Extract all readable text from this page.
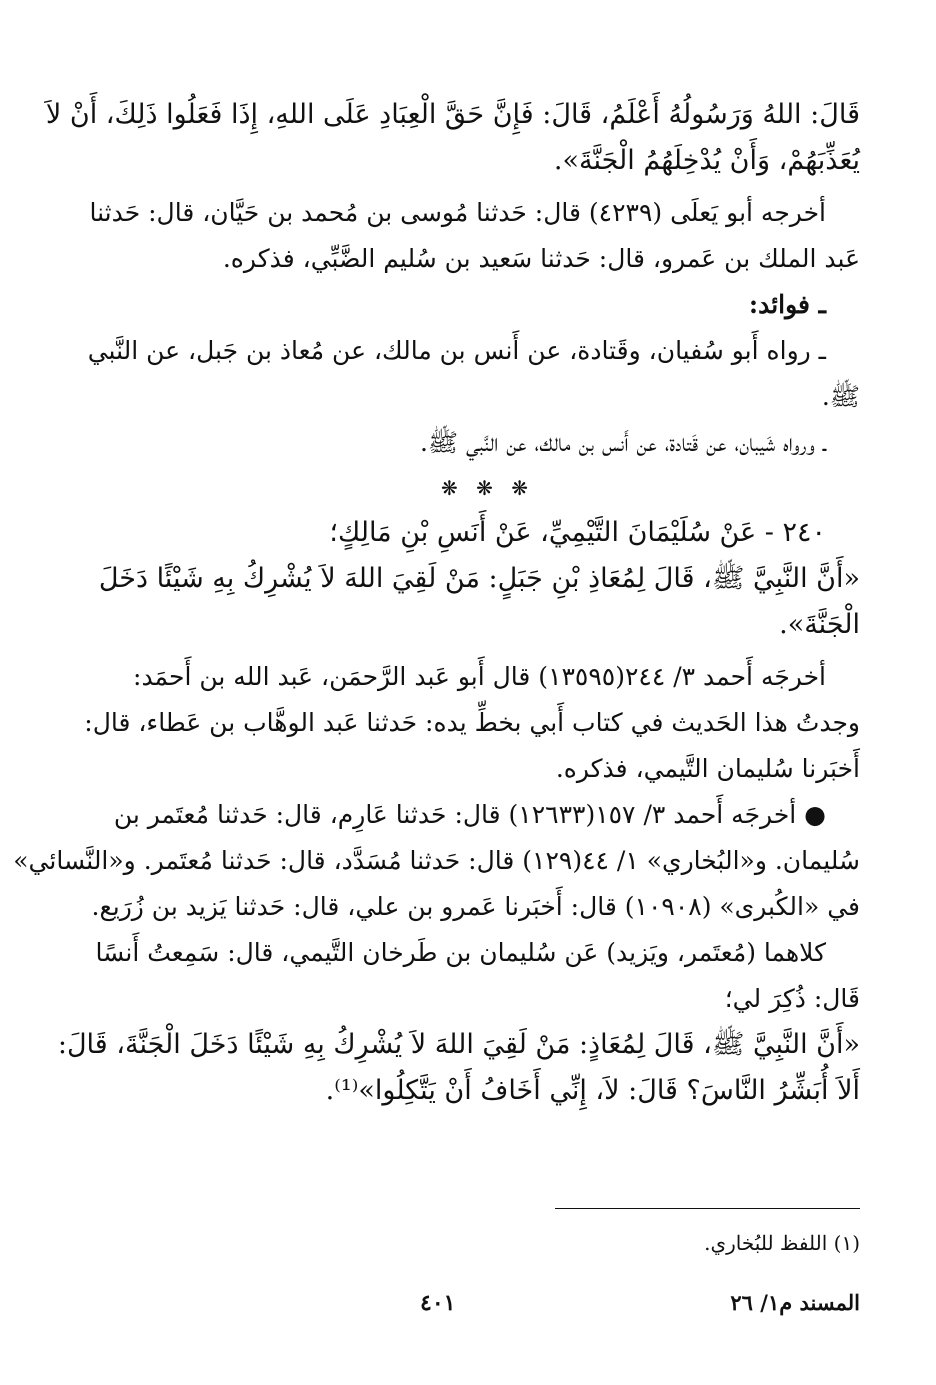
قَالَ: اللهُ وَرَسُولُهُ أَعْلَمُ، قَالَ: فَإِنَّ حَقَّ الْعِبَادِ عَلَى اللهِ، إِذَا فَعَلُوا ذَلِكَ، أَنْ لاَ
يُعَذِّبَهُمْ، وَأَنْ يُدْخِلَهُمُ الْجَنَّةَ».
أخرجه أبو يَعلَى (٤٢٣٩) قال: حَدثنا مُوسى بن مُحمد بن حَيَّان، قال: حَدثنا
عَبد الملك بن عَمرو، قال: حَدثنا سَعيد بن سُليم الضَّبِّي، فذكره.
ـ فوائد:
ـ رواه أَبو سُفيان، وقَتادة، عن أَنس بن مالك، عن مُعاذ بن جَبل، عن النَّبي
ﷺ.
ـ ورواه شَيبان، عن قَتادة، عن أَنس بن مالك، عن النَّبي ﷺ.
❋ ❋ ❋
٢٤٠ - عَنْ سُلَيْمَانَ التَّيْمِيِّ، عَنْ أَنَسِ بْنِ مَالِكٍ؛
«أَنَّ النَّبِيَّ ﷺ، قَالَ لِمُعَاذِ بْنِ جَبَلٍ: مَنْ لَقِيَ اللهَ لاَ يُشْرِكُ بِهِ شَيْئًا دَخَلَ
الْجَنَّةَ».
أخرجَه أَحمد ٣/ ٢٤٤(١٣٥٩٥) قال أَبو عَبد الرَّحمَن، عَبد الله بن أَحمَد:
وجدتُ هذا الحَديث في كتاب أَبي بخطِّ يده: حَدثنا عَبد الوهَّاب بن عَطاء، قال:
أَخبَرنا سُليمان التَّيمي، فذكره.
● أخرجَه أَحمد ٣/ ١٥٧(١٢٦٣٣) قال: حَدثنا عَارِم، قال: حَدثنا مُعتَمر بن
سُليمان. و«البُخاري» ١/ ٤٤(١٢٩) قال: حَدثنا مُسَدَّد، قال: حَدثنا مُعتَمر. و«النَّسائي»
في «الكُبرى» (١٠٩٠٨) قال: أَخبَرنا عَمرو بن علي، قال: حَدثنا يَزيد بن زُرَيع.
كلاهما (مُعتَمر، ويَزيد) عَن سُليمان بن طَرخان التَّيمي، قال: سَمِعتُ أَنسًا
قَال: ذُكِرَ لي؛
«أَنَّ النَّبِيَّ ﷺ، قَالَ لِمُعَاذٍ: مَنْ لَقِيَ اللهَ لاَ يُشْرِكُ بِهِ شَيْئًا دَخَلَ الْجَنَّةَ، قَالَ:
أَلاَ أُبَشِّرُ النَّاسَ؟ قَالَ: لاَ، إِنِّي أَخَافُ أَنْ يَتَّكِلُوا»⁽¹⁾.
(١) اللفظ للبُخاري.
المسند م١/ ٢٦
٤٠١
